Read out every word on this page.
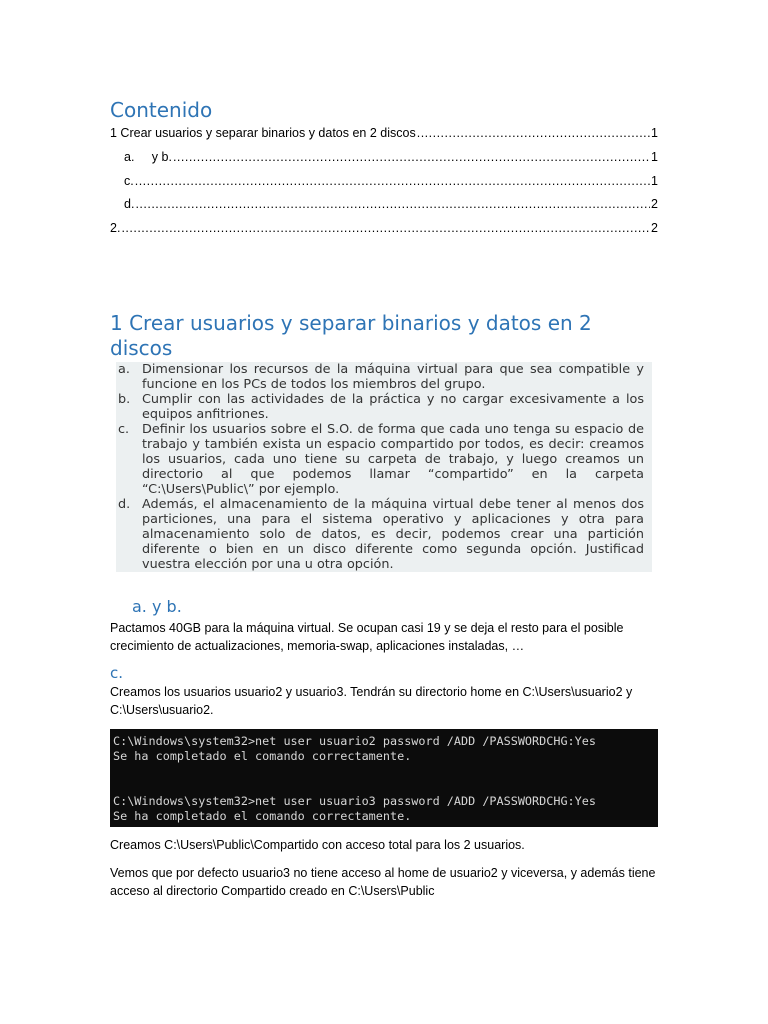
Contenido
1 Crear usuarios y separar binarios y datos en 2 discos .....	1
a.     y b. .....	1
c. .....	1
d. .....	2
2. .....	2
1 Crear usuarios y separar binarios y datos en 2 discos
a. Dimensionar los recursos de la máquina virtual para que sea compatible y funcione en los PCs de todos los miembros del grupo.
b. Cumplir con las actividades de la práctica y no cargar excesivamente a los equipos anfitriones.
c.	Definir los usuarios sobre el S.O. de forma que cada uno tenga su espacio de trabajo y también exista un espacio compartido por todos, es decir: creamos los usuarios, cada uno tiene su carpeta de trabajo, y luego creamos un directorio al que podemos llamar “compartido” en la carpeta “C:\Users\Public\” por ejemplo.
d. Además, el almacenamiento de la máquina virtual debe tener al menos dos particiones, una para el sistema operativo y aplicaciones y otra para almacenamiento solo de datos, es decir, podemos crear una partición diferente o bien en un disco diferente como segunda opción. Justificad vuestra elección por una u otra opción.
a. y b.

Pactamos 40GB para la máquina virtual. Se ocupan casi 19 y se deja el resto para el posible crecimiento de actualizaciones, memoria-swap, aplicaciones instaladas, …

c.

Creamos los usuarios usuario2 y usuario3. Tendrán su directorio home en C:\Users\usuario2 y C:\Users\usuario2.

C:\Windows\system32>net user usuario2 password /ADD /PASSWORDCHG:Yes
Se ha completado el comando correctamente.
C:\Windows\system32>net user usuario3 password /ADD /PASSWORDCHG:Yes
Se ha completado el comando correctamente.

Creamos C:\Users\Public\Compartido con acceso total para los 2 usuarios.

Vemos que por defecto usuario3 no tiene acceso al home de usuario2 y viceversa, y además tiene acceso al directorio Compartido creado en C:\Users\Public
